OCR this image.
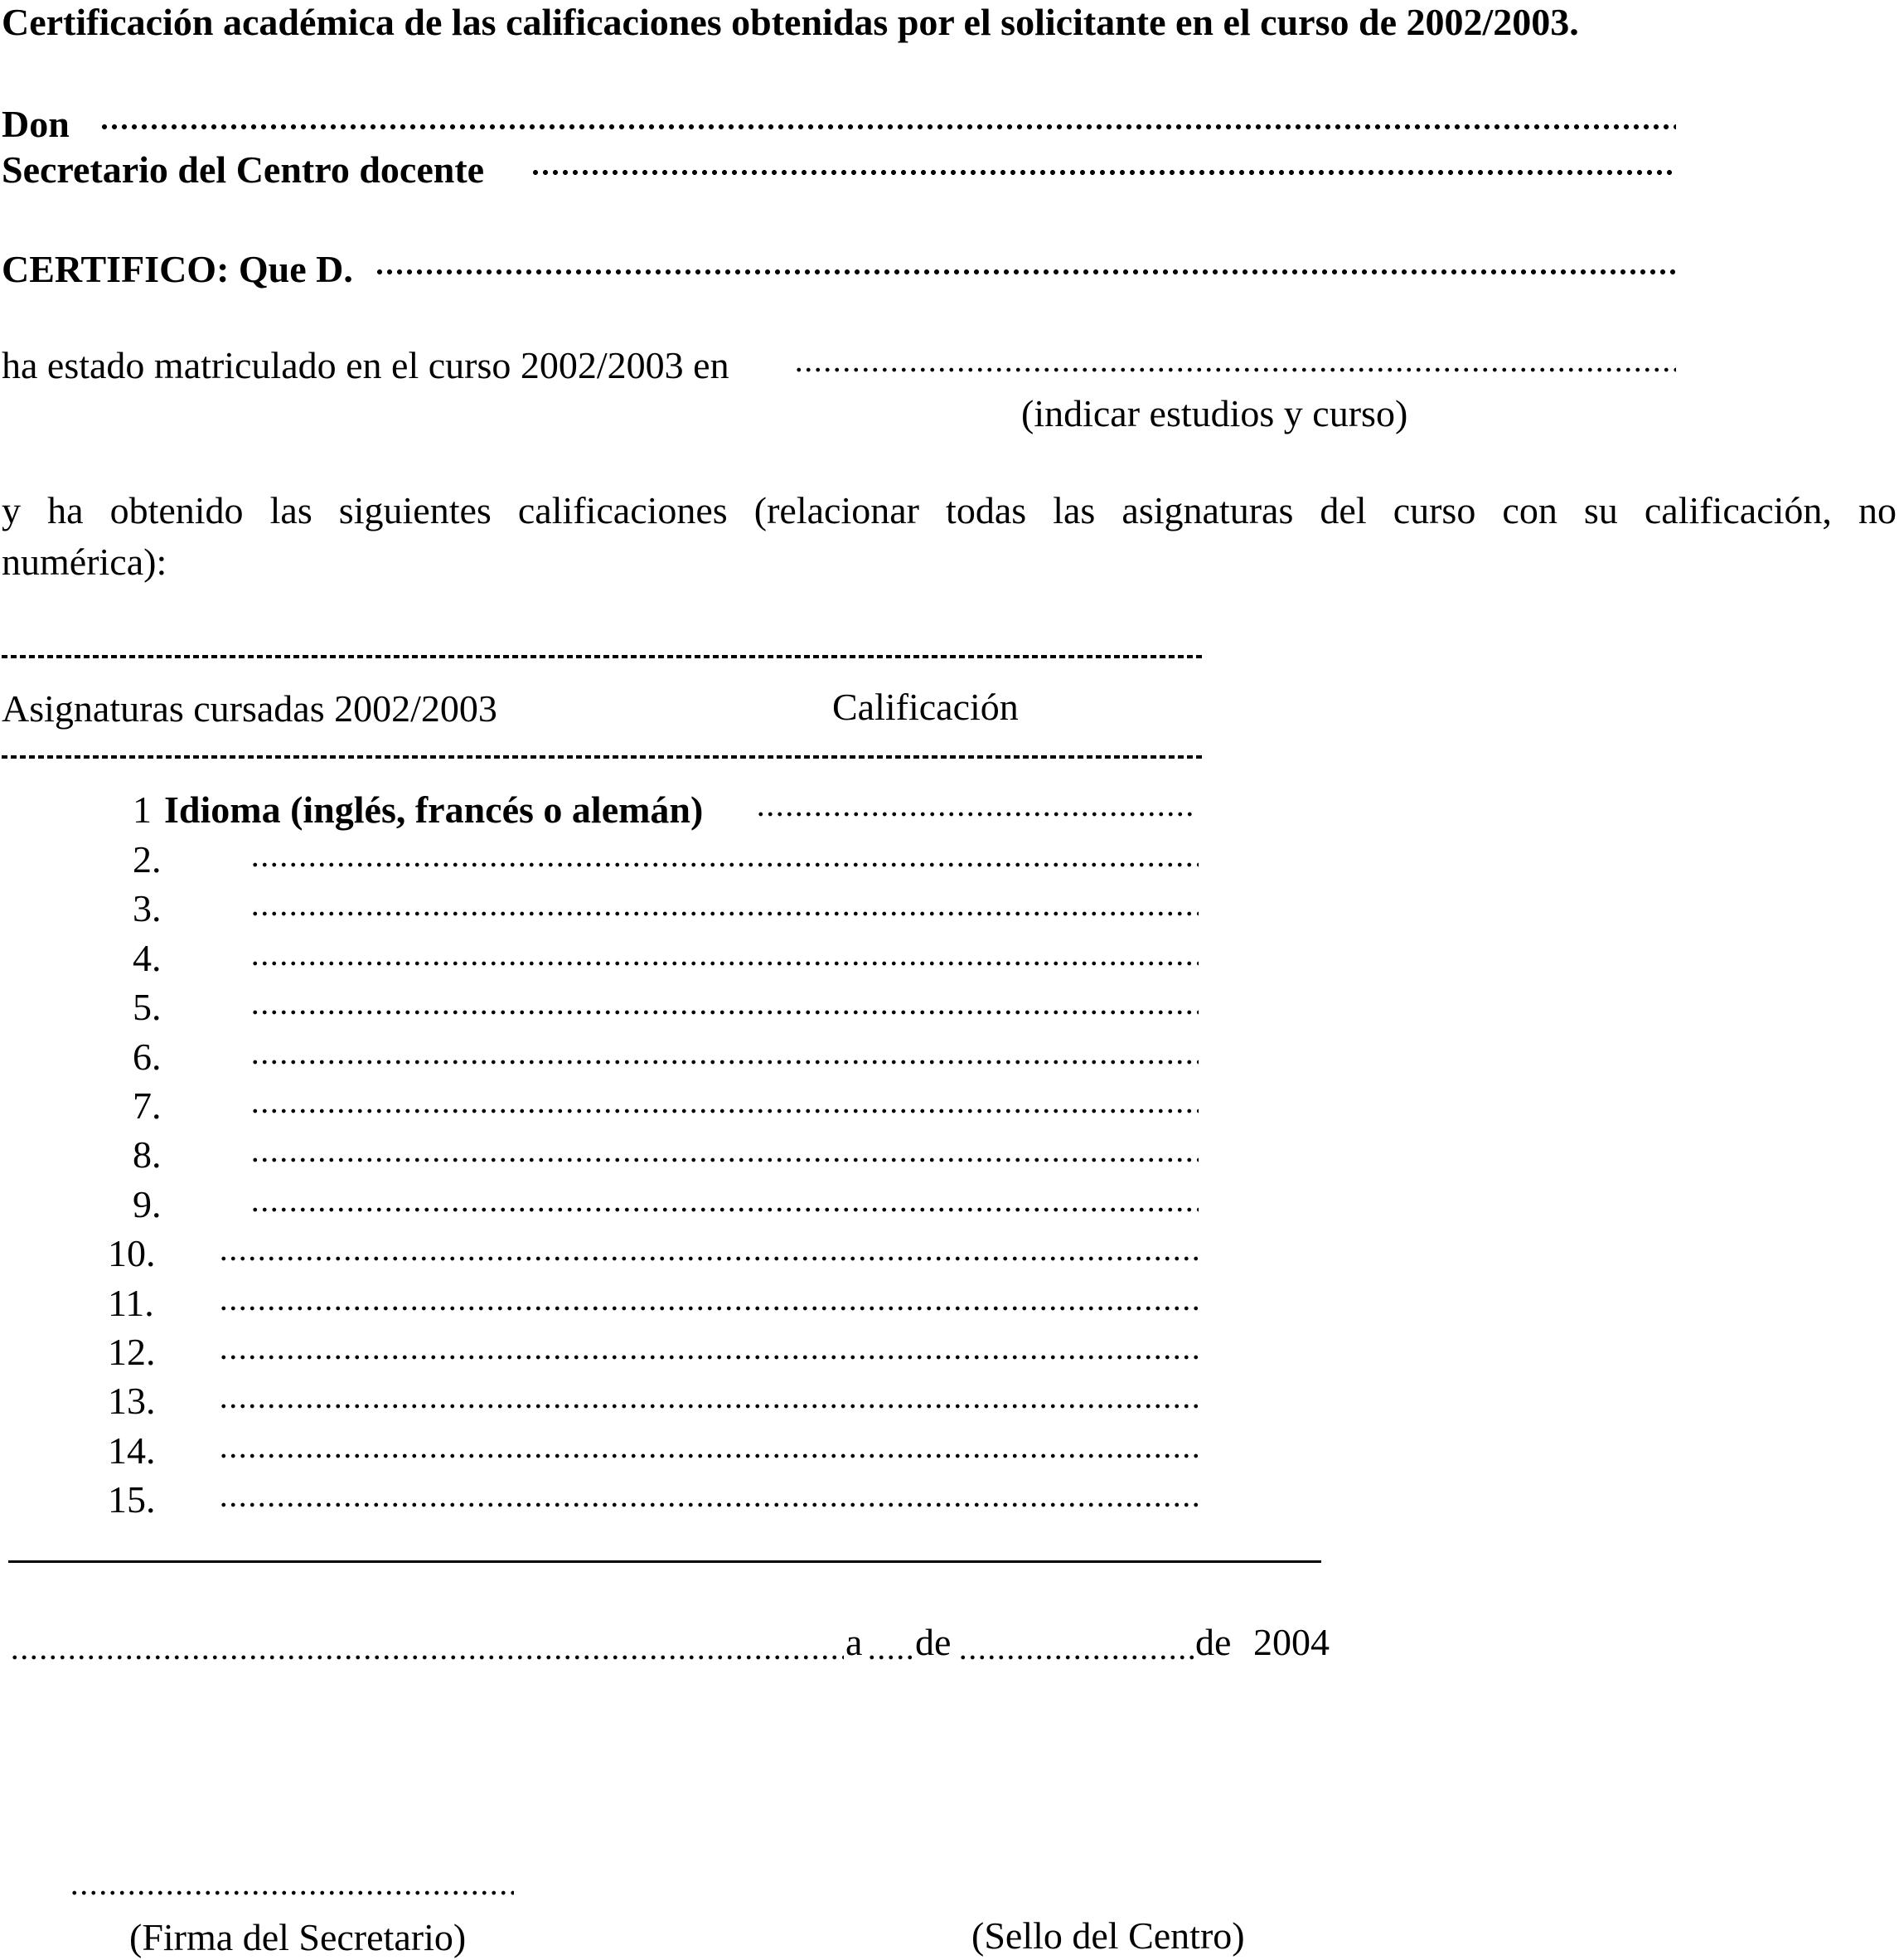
Certificación académica de las calificaciones obtenidas por el solicitante en el curso de 2002/2003.
Don
Secretario del Centro docente
CERTIFICO: Que D.
ha estado matriculado en el curso 2002/2003 en
(indicar estudios y curso)
y ha obtenido las siguientes calificaciones (relacionar todas las asignaturas del curso con su calificación, no
numérica):
Asignaturas cursadas 2002/2003	Calificación
1 Idioma (inglés, francés o alemán)
2.
3.
4.
5.
6.
7.
8.
9.
10.
11.
12.
13.
14.
15.
a de	de 2004
(Firma del Secretario)	(Sello del Centro)
